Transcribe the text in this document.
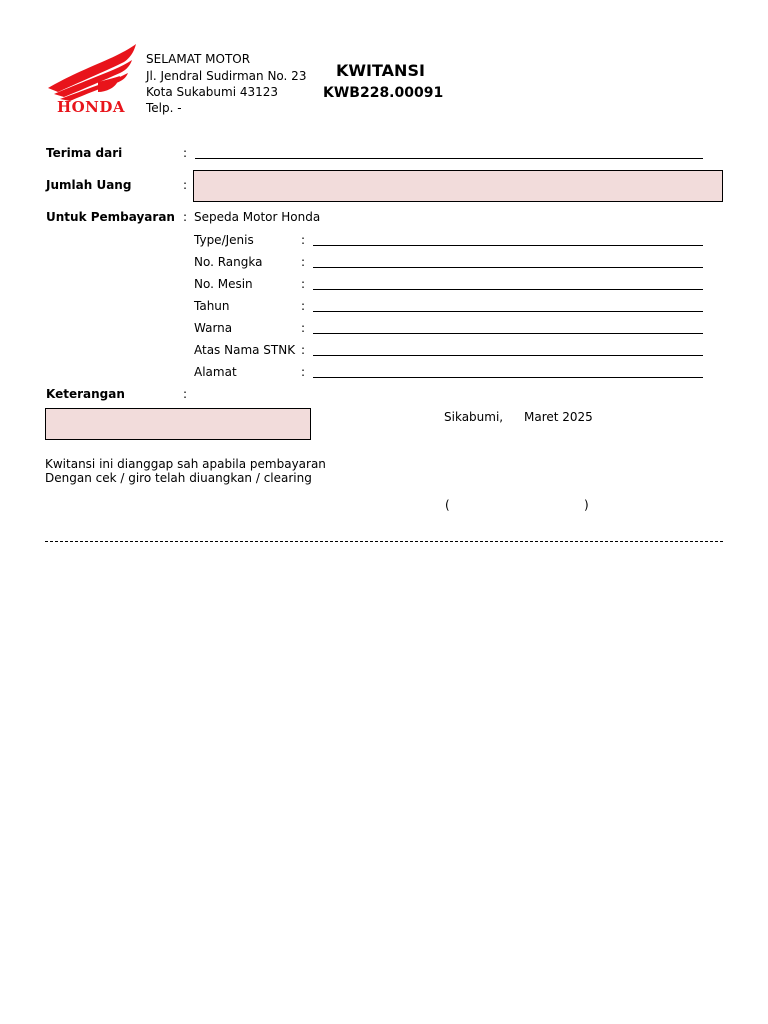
HONDA
SELAMAT MOTOR
Jl. Jendral Sudirman No. 23
Kota Sukabumi 43123
Telp. -
KWITANSI
KWB228.00091
Terima dari	:
Jumlah Uang	:
Untuk Pembayaran : Sepeda Motor Honda
Type/Jenis	:
No. Rangka	:
No. Mesin	:
Tahun	:
Warna	:
Atas Nama STNK :
Alamat	:
Keterangan	:
Sikabumi, Maret 2025
Kwitansi ini dianggap sah apabila pembayaran
Dengan cek / giro telah diuangkan / clearing
(	)
